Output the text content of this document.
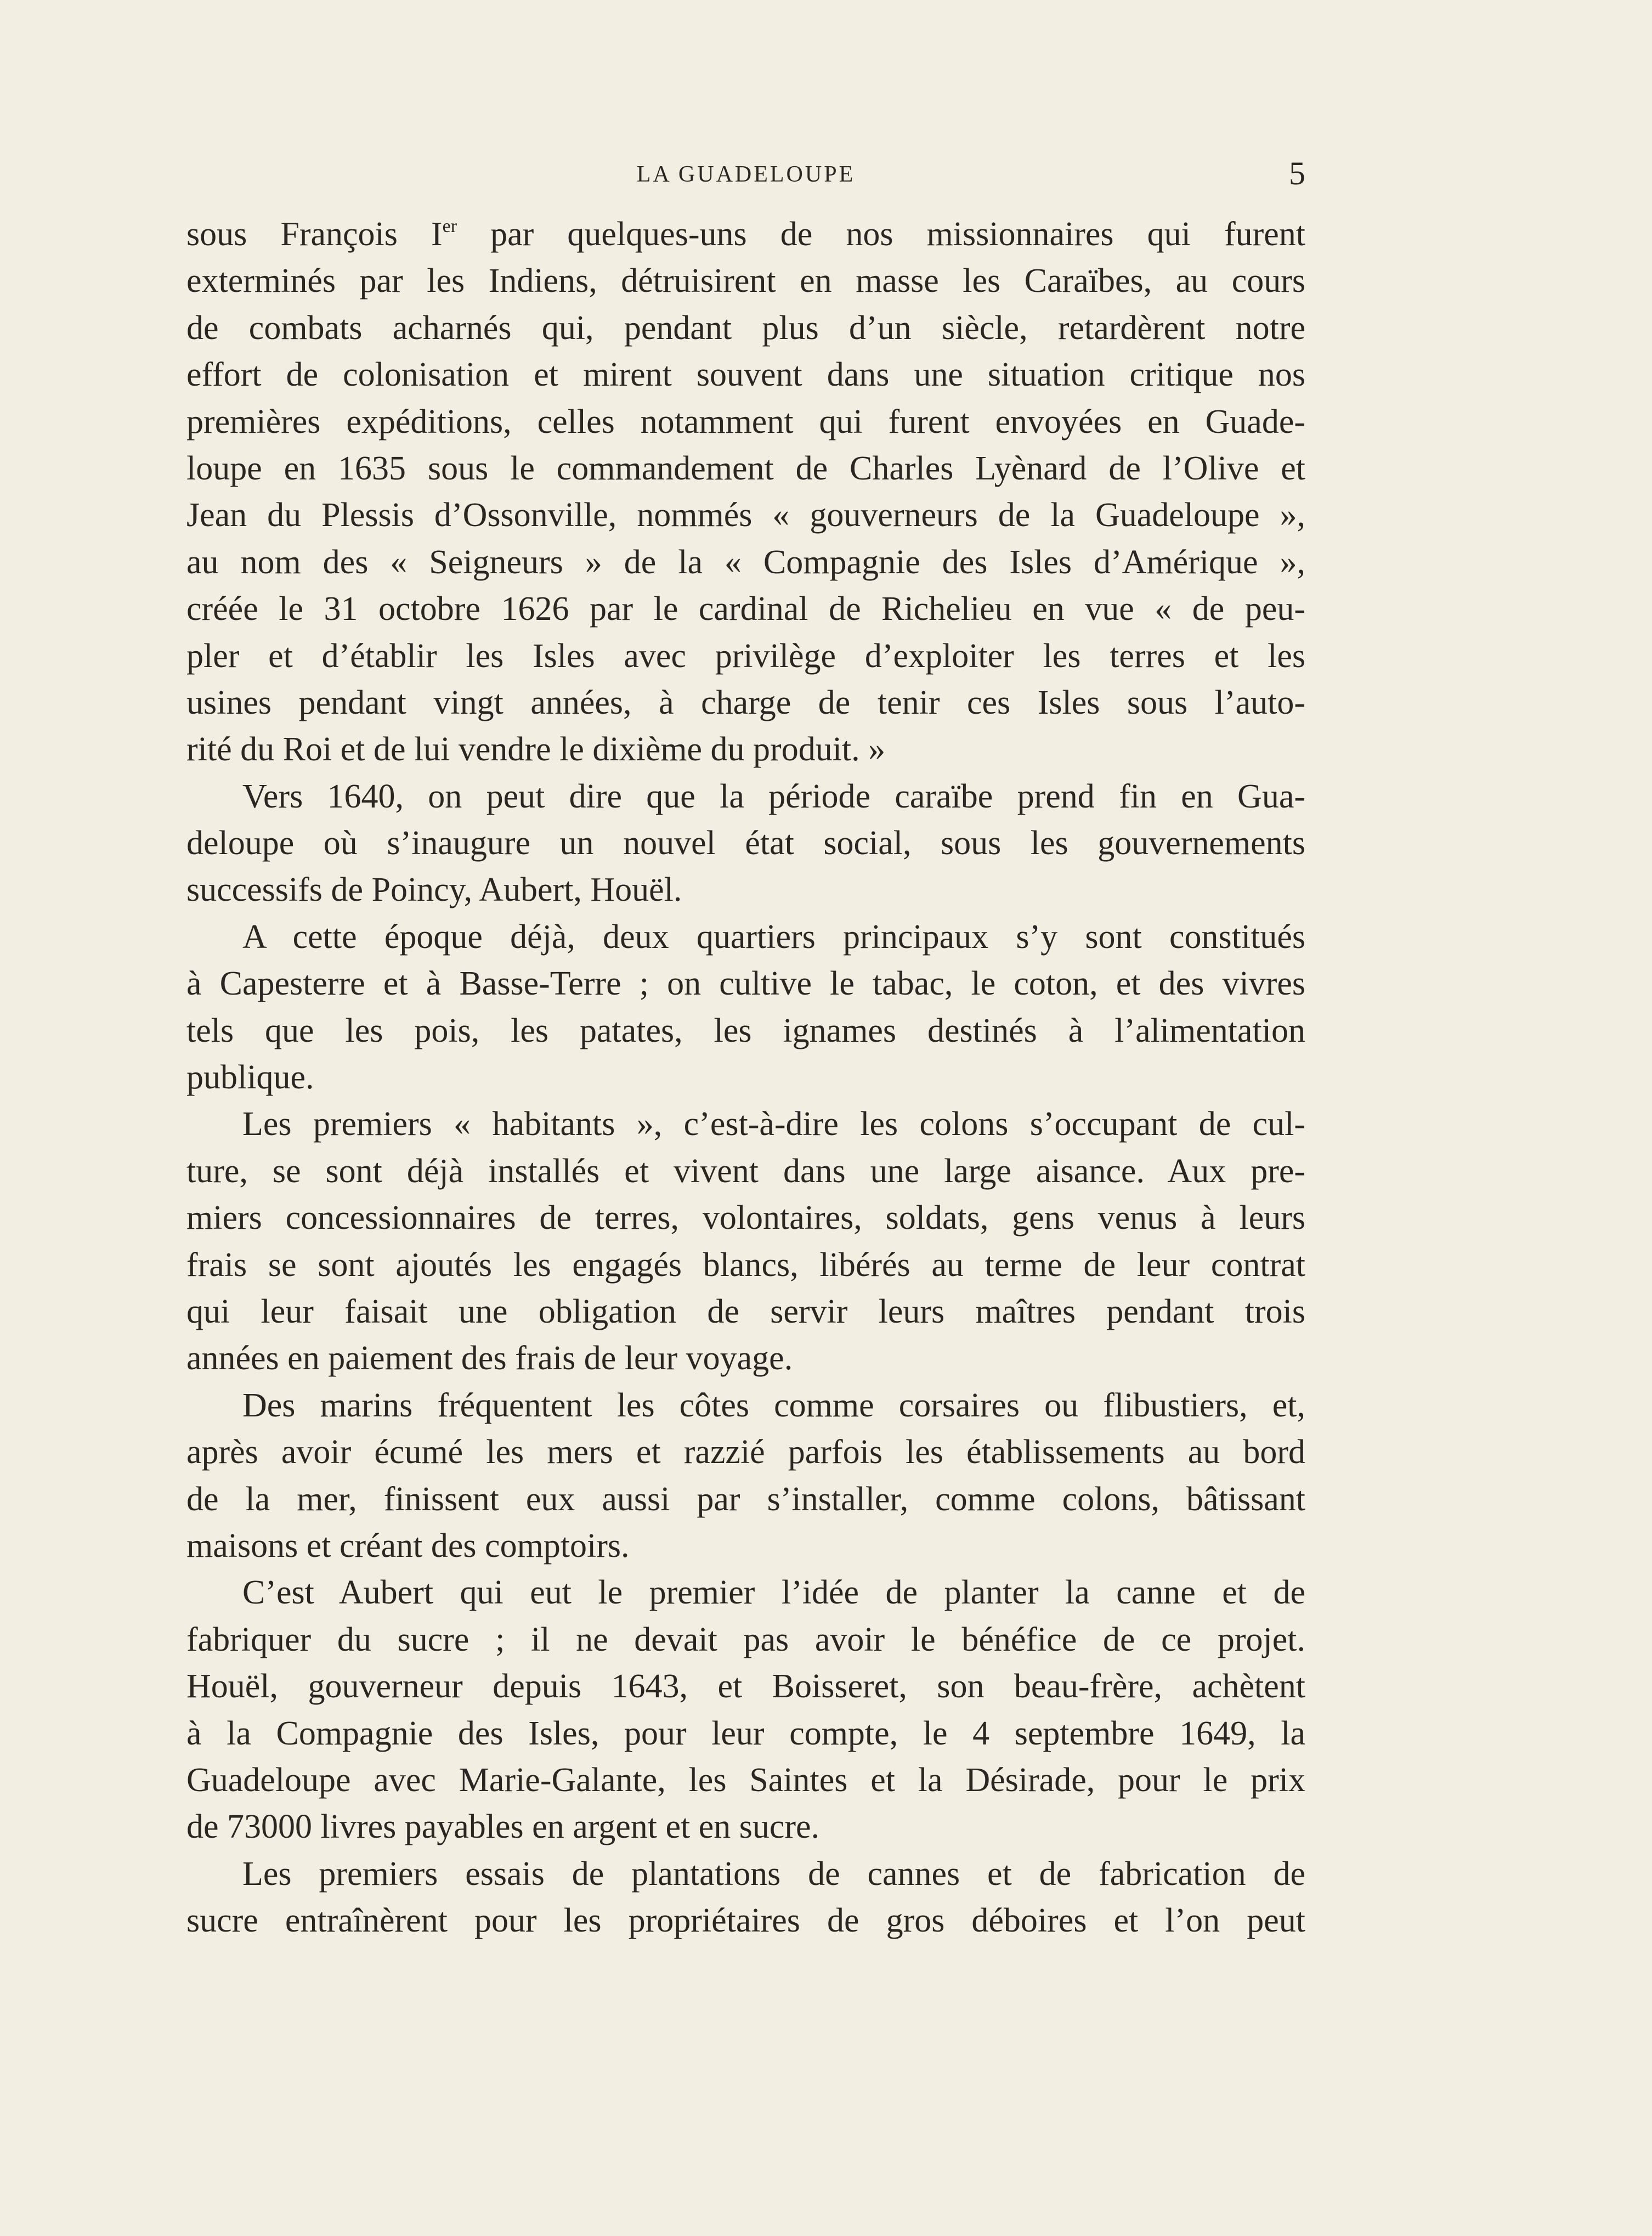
LA GUADELOUPE	5
sous François Ier par quelques-uns de nos missionnaires qui furent
exterminés par les Indiens, détruisirent en masse les Caraïbes, au cours
de combats acharnés qui, pendant plus d’un siècle, retardèrent notre
effort de colonisation et mirent souvent dans une situation critique nos
premières expéditions, celles notamment qui furent envoyées en Guade-
loupe en 1635 sous le commandement de Charles Lyènard de l’Olive et
Jean du Plessis d’Ossonville, nommés « gouverneurs de la Guadeloupe »,
au nom des « Seigneurs » de la « Compagnie des Isles d’Amérique »,
créée le 31 octobre 1626 par le cardinal de Richelieu en vue « de peu-
pler et d’établir les Isles avec privilège d’exploiter les terres et les
usines pendant vingt années, à charge de tenir ces Isles sous l’auto-
rité du Roi et de lui vendre le dixième du produit. »
Vers 1640, on peut dire que la période caraïbe prend fin en Gua-
deloupe où s’inaugure un nouvel état social, sous les gouvernements
successifs de Poincy, Aubert, Houël.
A cette époque déjà, deux quartiers principaux s’y sont constitués
à Capesterre et à Basse-Terre ; on cultive le tabac, le coton, et des vivres
tels que les pois, les patates, les ignames destinés à l’alimentation
publique.
Les premiers « habitants », c’est-à-dire les colons s’occupant de cul-
ture, se sont déjà installés et vivent dans une large aisance. Aux pre-
miers concessionnaires de terres, volontaires, soldats, gens venus à leurs
frais se sont ajoutés les engagés blancs, libérés au terme de leur contrat
qui leur faisait une obligation de servir leurs maîtres pendant trois
années en paiement des frais de leur voyage.
Des marins fréquentent les côtes comme corsaires ou flibustiers, et,
après avoir écumé les mers et razzié parfois les établissements au bord
de la mer, finissent eux aussi par s’installer, comme colons, bâtissant
maisons et créant des comptoirs.
C’est Aubert qui eut le premier l’idée de planter la canne et de
fabriquer du sucre ; il ne devait pas avoir le bénéfice de ce projet.
Houël, gouverneur depuis 1643, et Boisseret, son beau-frère, achètent
à la Compagnie des Isles, pour leur compte, le 4 septembre 1649, la
Guadeloupe avec Marie-Galante, les Saintes et la Désirade, pour le prix
de 73000 livres payables en argent et en sucre.
Les premiers essais de plantations de cannes et de fabrication de
sucre entraînèrent pour les propriétaires de gros déboires et l’on peut
